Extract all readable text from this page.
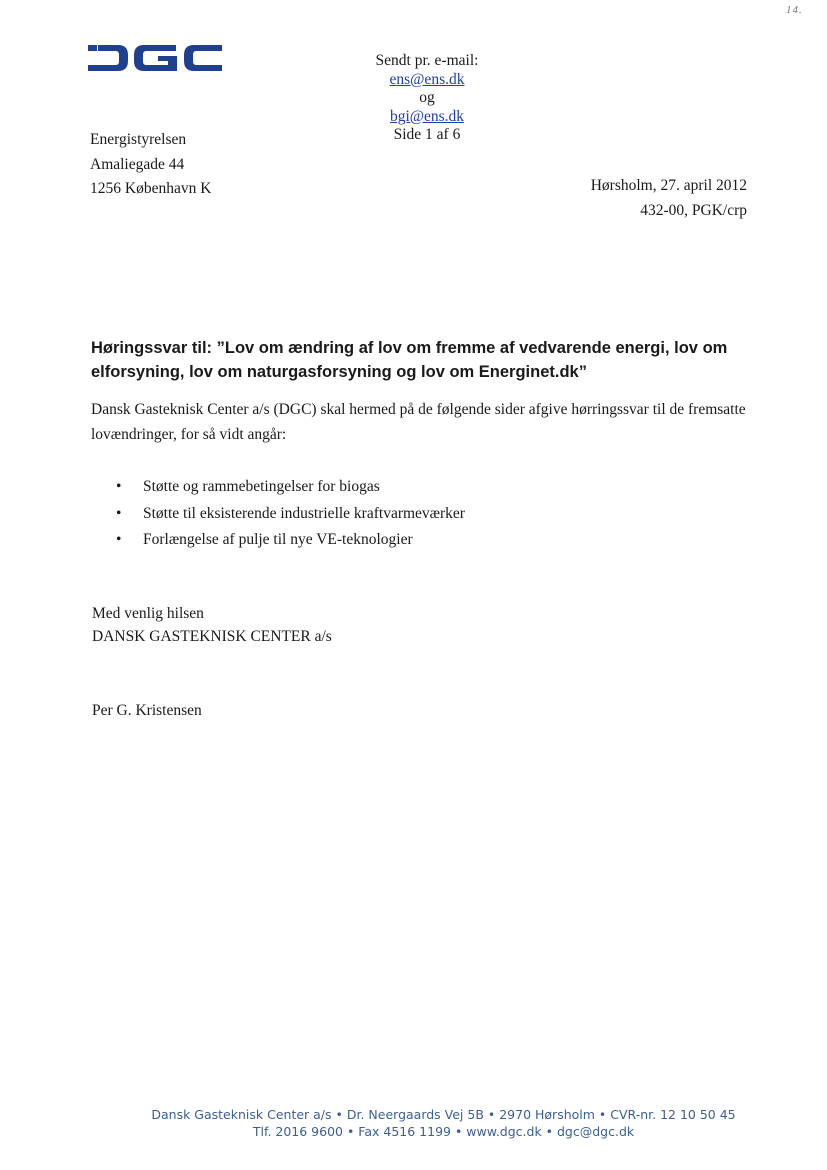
14.
Sendt pr. e-mail:
ens@ens.dk
og
bgi@ens.dk
Side 1 af 6
Energistyrelsen
Amaliegade 44
1256 København K	Hørsholm, 27. april 2012
432-00, PGK/crp
Høringssvar til: ”Lov om ændring af lov om fremme af vedvarende energi, lov om elforsyning, lov om naturgasforsyning og lov om Energinet.dk”
Dansk Gasteknisk Center a/s (DGC) skal hermed på de følgende sider afgive hørringssvar til de fremsatte lovændringer, for så vidt angår:
• Støtte og rammebetingelser for biogas
• Støtte til eksisterende industrielle kraftvarmeværker
• Forlængelse af pulje til nye VE-teknologier
Med venlig hilsen
DANSK GASTEKNISK CENTER a/s
Per G. Kristensen
Dansk Gasteknisk Center a/s • Dr. Neergaards Vej 5B • 2970 Hørsholm • CVR-nr. 12 10 50 45
Tlf. 2016 9600 • Fax 4516 1199 • www.dgc.dk • dgc@dgc.dk
